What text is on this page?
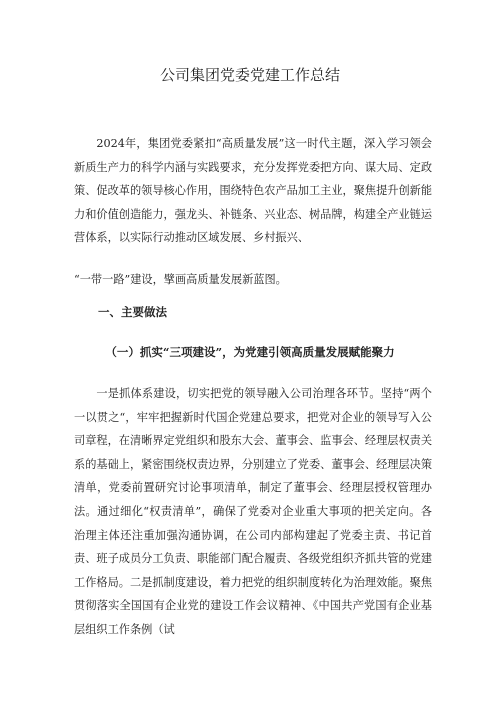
公司集团党委党建工作总结

2024年，集团党委紧扣“高质量发展”这一时代主题，深入学习领会新质生产力的科学内涵与实践要求，充分发挥党委把方向、谋大局、定政策、促改革的领导核心作用，围绕特色农产品加工主业，聚焦提升创新能力和价值创造能力，强龙头、补链条、兴业态、树品牌，构建全产业链运营体系，以实际行动推动区域发展、乡村振兴、

“一带一路”建设，擘画高质量发展新蓝图。

一、主要做法
（一）抓实“三项建设”，为党建引领高质量发展赋能聚力

一是抓体系建设，切实把党的领导融入公司治理各环节。坚持“两个一以贯之“，牢牢把握新时代国企党建总要求，把党对企业的领导写入公司章程，在清晰界定党组织和股东大会、董事会、监事会、经理层权责关系的基础上，紧密围绕权责边界，分别建立了党委、董事会、经理层决策清单，党委前置研究讨论事项清单，制定了董事会、经理层授权管理办法。通过细化“权责清单”，确保了党委对企业重大事项的把关定向。各治理主体还注重加强沟通协调，在公司内部构建起了党委主责、书记首责、班子成员分工负责、职能部门配合履责、各级党组织齐抓共管的党建工作格局。二是抓制度建设，着力把党的组织制度转化为治理效能。聚焦贯彻落实全国国有企业党的建设工作会议精神、《中国共产党国有企业基层组织工作条例（试
